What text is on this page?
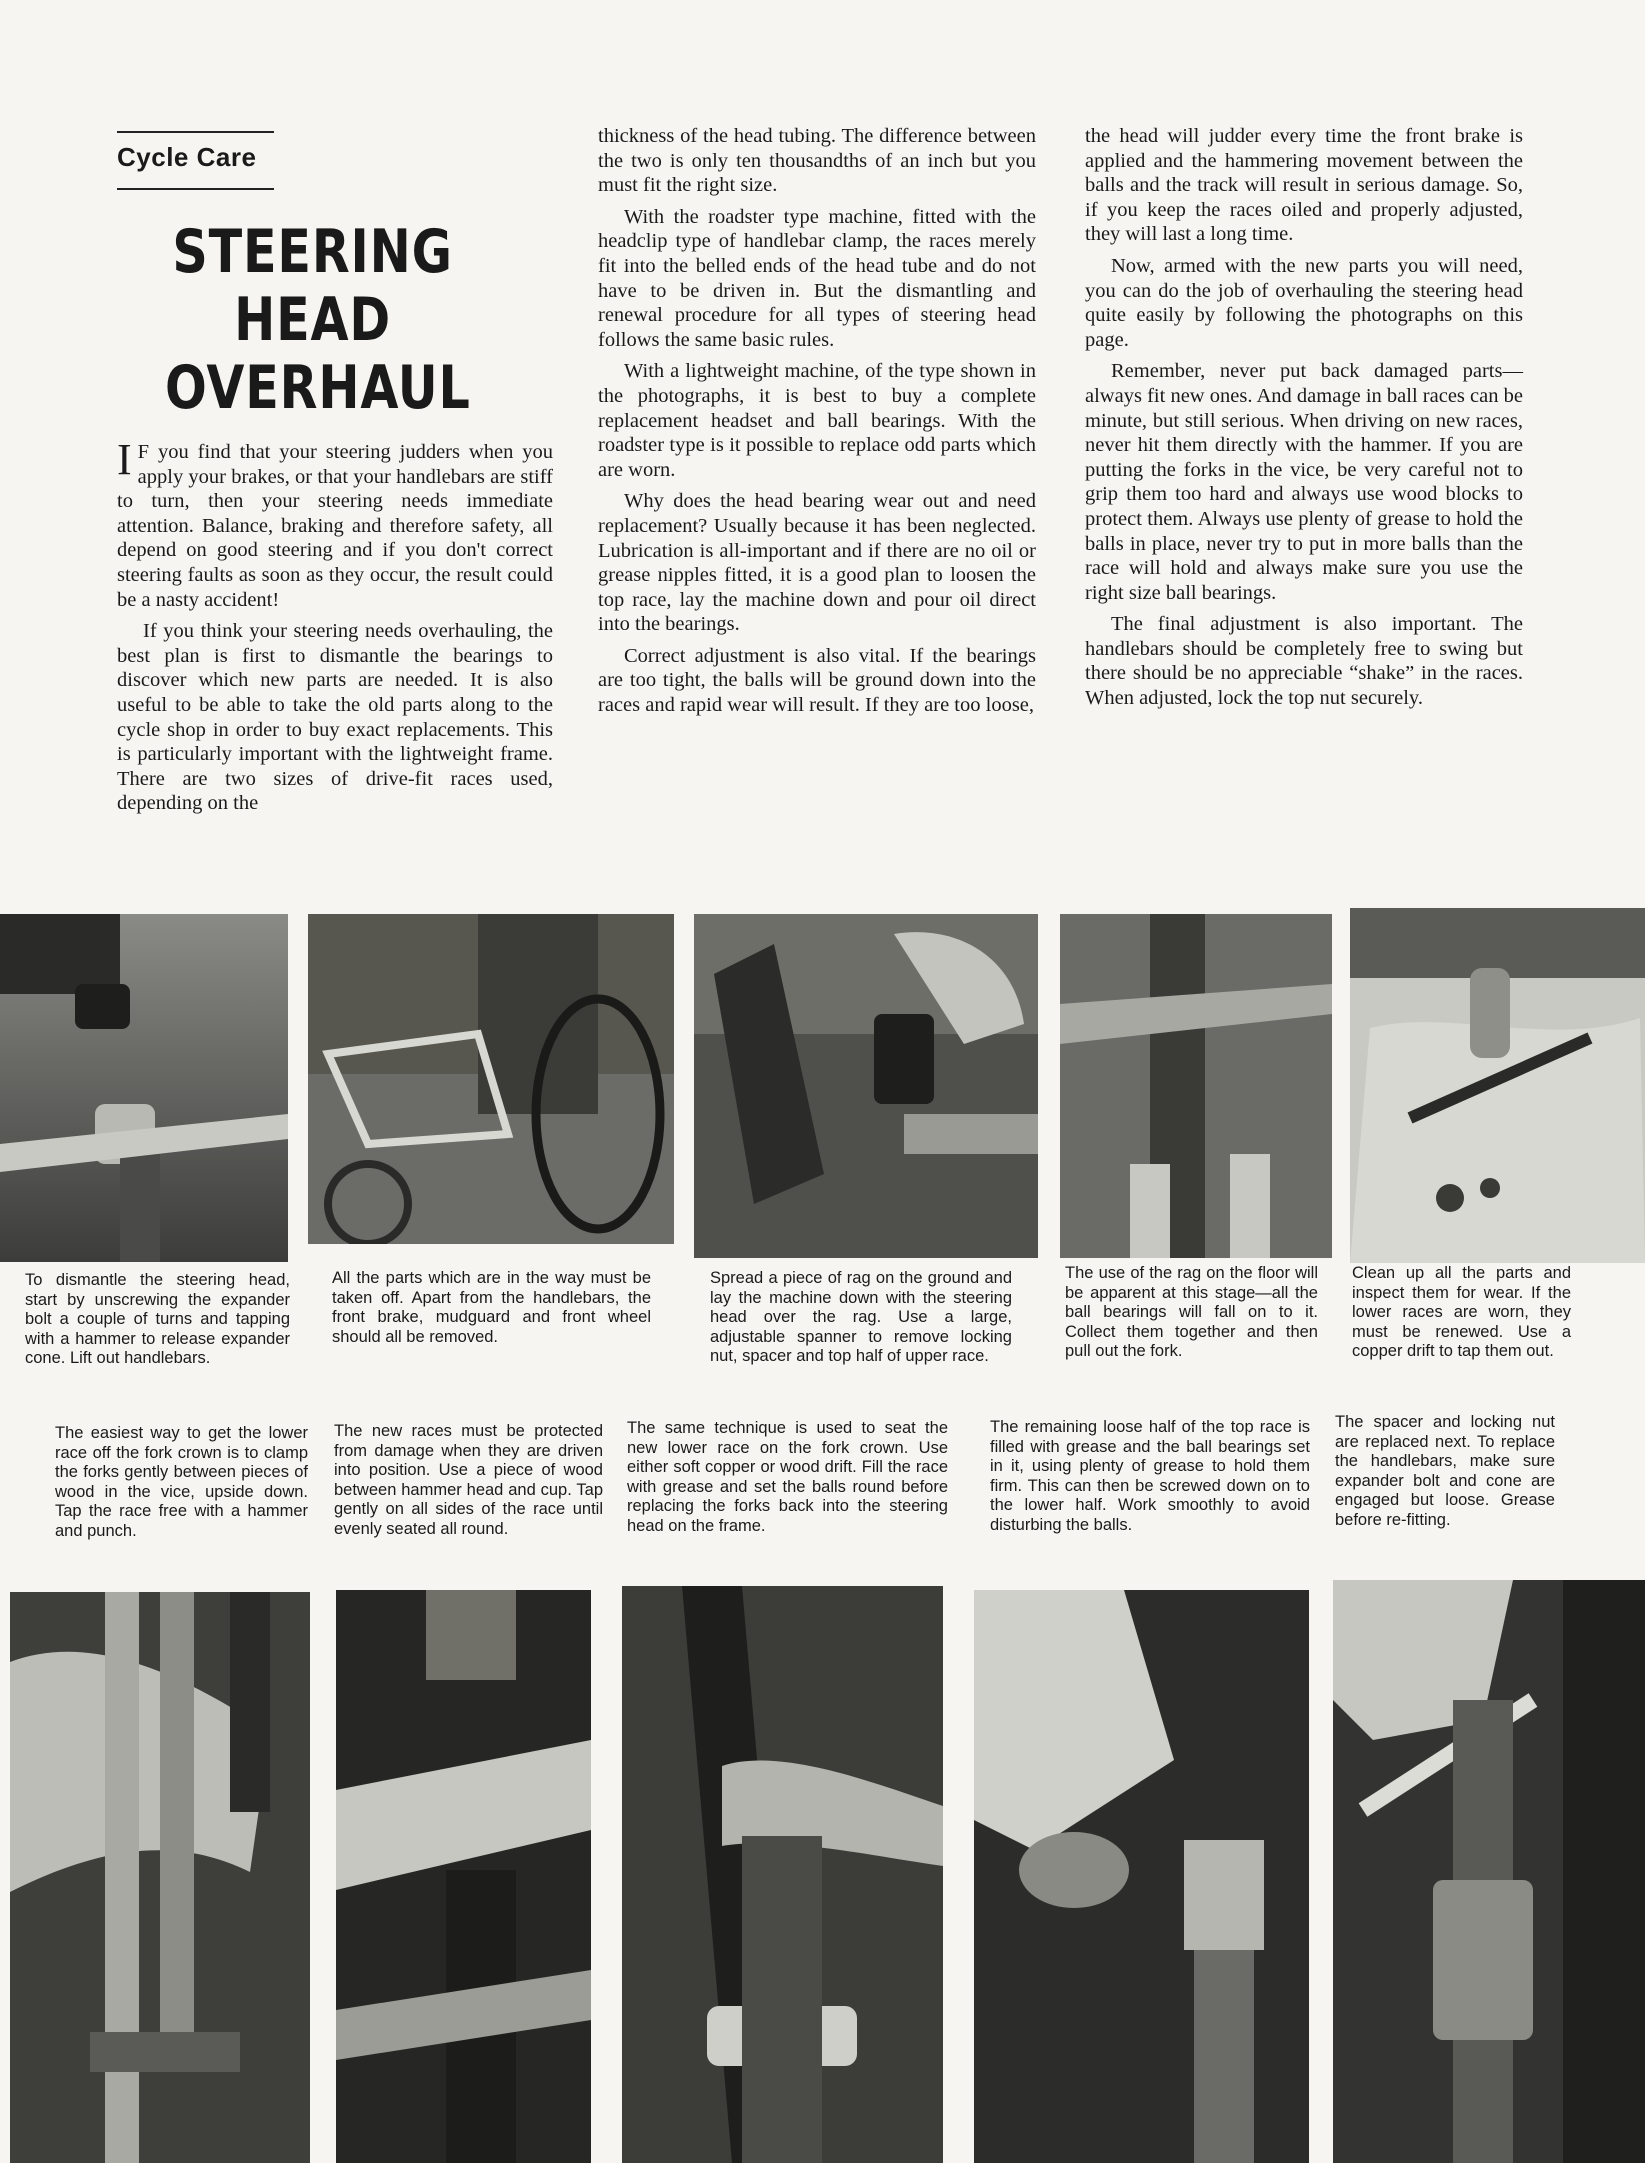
Cycle Care
STEERING
HEAD
OVERHAUL

I F you find that your steering judders when you apply your brakes, or that your handlebars are stiff to turn, then your steering needs immediate attention. Balance, braking and therefore safety, all depend on good steering and if you don't correct steering faults as soon as they occur, the result could be a nasty accident!

If you think your steering needs overhauling, the best plan is first to dismantle the bearings to discover which new parts are needed. It is also useful to be able to take the old parts along to the cycle shop in order to buy exact replacements. This is particularly important with the lightweight frame. There are two sizes of drive-fit races used, depending on the

thickness of the head tubing. The difference between the two is only ten thousandths of an inch but you must fit the right size.

With the roadster type machine, fitted with the headclip type of handlebar clamp, the races merely fit into the belled ends of the head tube and do not have to be driven in. But the dismantling and renewal procedure for all types of steering head follows the same basic rules.

With a lightweight machine, of the type shown in the photographs, it is best to buy a complete replacement headset and ball bearings. With the roadster type is it possible to replace odd parts which are worn.

Why does the head bearing wear out and need replacement? Usually because it has been neglected. Lubrication is all-important and if there are no oil or grease nipples fitted, it is a good plan to loosen the top race, lay the machine down and pour oil direct into the bearings.

Correct adjustment is also vital. If the bearings are too tight, the balls will be ground down into the races and rapid wear will result. If they are too loose,

the head will judder every time the front brake is applied and the hammering movement between the balls and the track will result in serious damage. So, if you keep the races oiled and properly adjusted, they will last a long time.

Now, armed with the new parts you will need, you can do the job of overhauling the steering head quite easily by following the photographs on this page.

Remember, never put back damaged parts—always fit new ones. And damage in ball races can be minute, but still serious. When driving on new races, never hit them directly with the hammer. If you are putting the forks in the vice, be very careful not to grip them too hard and always use wood blocks to protect them. Always use plenty of grease to hold the balls in place, never try to put in more balls than the race will hold and always make sure you use the right size ball bearings.

The final adjustment is also important. The handlebars should be completely free to swing but there should be no appreciable “shake” in the races. When adjusted, lock the top nut securely.

To dismantle the steering head, start by unscrewing the expander bolt a couple of turns and tapping with a hammer to release expander cone. Lift out handlebars.
All the parts which are in the way must be taken off. Apart from the handlebars, the front brake, mudguard and front wheel should all be removed.
Spread a piece of rag on the ground and lay the machine down with the steering head over the rag. Use a large, adjustable spanner to remove locking nut, spacer and top half of upper race.
The use of the rag on the floor will be apparent at this stage—all the ball bearings will fall on to it. Collect them together and then pull out the fork.
Clean up all the parts and inspect them for wear. If the lower races are worn, they must be renewed. Use a copper drift to tap them out.
The easiest way to get the lower race off the fork crown is to clamp the forks gently between pieces of wood in the vice, upside down. Tap the race free with a hammer and punch.
The new races must be protected from damage when they are driven into position. Use a piece of wood between hammer head and cup. Tap gently on all sides of the race until evenly seated all round.
The same technique is used to seat the new lower race on the fork crown. Use either soft copper or wood drift. Fill the race with grease and set the balls round before replacing the forks back into the steering head on the frame.
The remaining loose half of the top race is filled with grease and the ball bearings set in it, using plenty of grease to hold them firm. This can then be screwed down on to the lower half. Work smoothly to avoid disturbing the balls.
The spacer and locking nut are replaced next. To replace the handlebars, make sure expander bolt and cone are engaged but loose. Grease before re-fitting.
